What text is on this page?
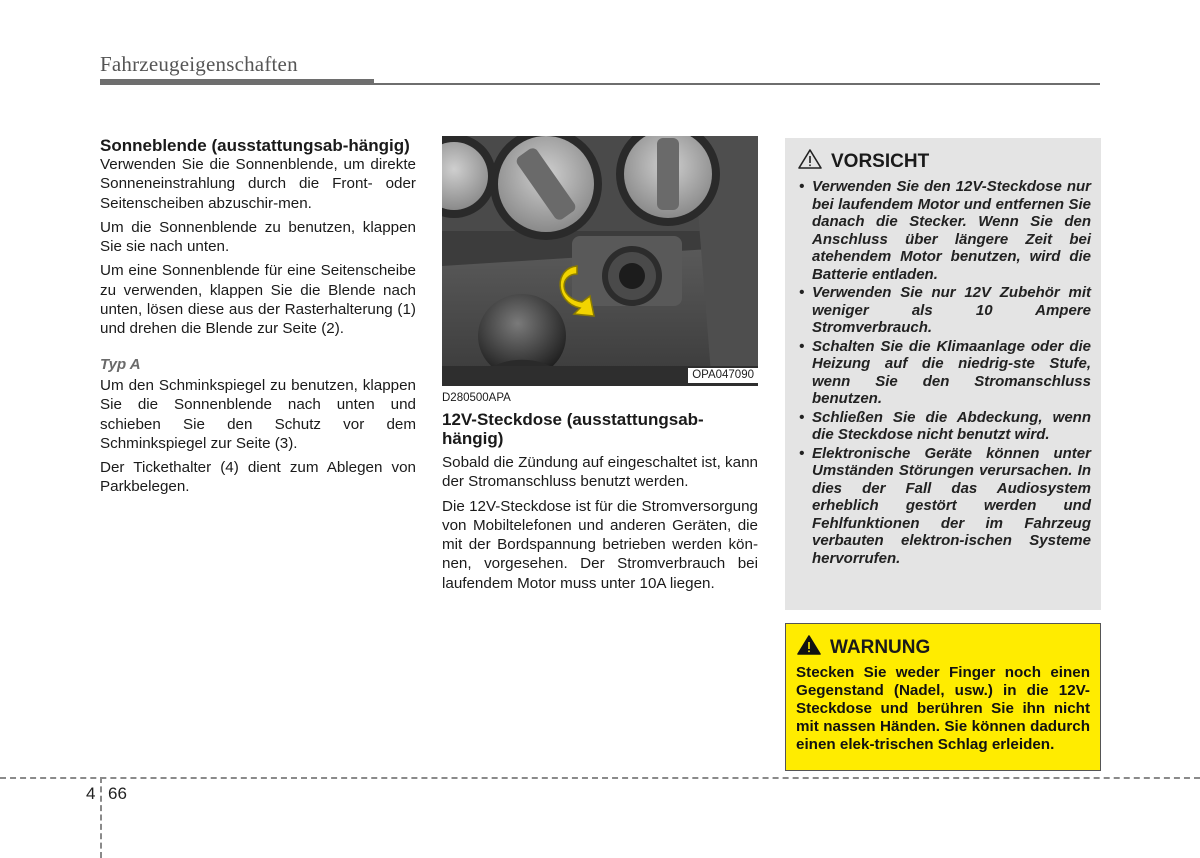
Fahrzeugeigenschaften
Sonneblende (ausstattungsab-hängig)

Verwenden Sie die Sonnenblende, um direkte Sonneneinstrahlung durch die Front- oder Seitenscheiben abzuschir-men.

Um die Sonnenblende zu benutzen, klappen Sie sie nach unten.

Um eine Sonnenblende für eine Seitenscheibe zu verwenden, klappen Sie die Blende nach unten, lösen diese aus der Rasterhalterung (1) und drehen die Blende zur Seite (2).

Typ A

Um den Schminkspiegel zu benutzen, klappen Sie die Sonnenblende nach unten und schieben Sie den Schutz vor dem Schminkspiegel zur Seite (3).

Der Tickethalter (4) dient zum Ablegen von Parkbelegen.

OPA047090
D280500APA
12V-Steckdose (ausstattungsab-hängig)

Sobald die Zündung auf eingeschaltet ist, kann der Stromanschluss benutzt werden.

Die 12V-Steckdose ist für die Stromversorgung von Mobiltelefonen und anderen Geräten, die mit der Bordspannung betrieben werden kön-nen, vorgesehen. Der Stromverbrauch bei laufendem Motor muss unter 10A liegen.

VORSICHT
• Verwenden Sie den 12V-Steckdose nur bei laufendem Motor und entfernen Sie danach die Stecker. Wenn Sie den Anschluss über längere Zeit bei atehendem Motor benutzen, wird die Batterie entladen.
• Verwenden Sie nur 12V Zubehör mit weniger als 10 Ampere Stromverbrauch.
• Schalten Sie die Klimaanlage oder die Heizung auf die niedrig-ste Stufe, wenn Sie den Stromanschluss benutzen.
• Schließen Sie die Abdeckung, wenn die Steckdose nicht benutzt wird.
• Elektronische Geräte können unter Umständen Störungen verursachen. In dies der Fall das Audiosystem erheblich gestört werden und Fehlfunktionen der im Fahrzeug verbauten elektron-ischen Systeme hervorrufen.
WARNUNG
Stecken Sie weder Finger noch einen Gegenstand (Nadel, usw.) in die 12V-Steckdose und berühren Sie ihn nicht mit nassen Händen. Sie können dadurch einen elek-trischen Schlag erleiden.
4 66
